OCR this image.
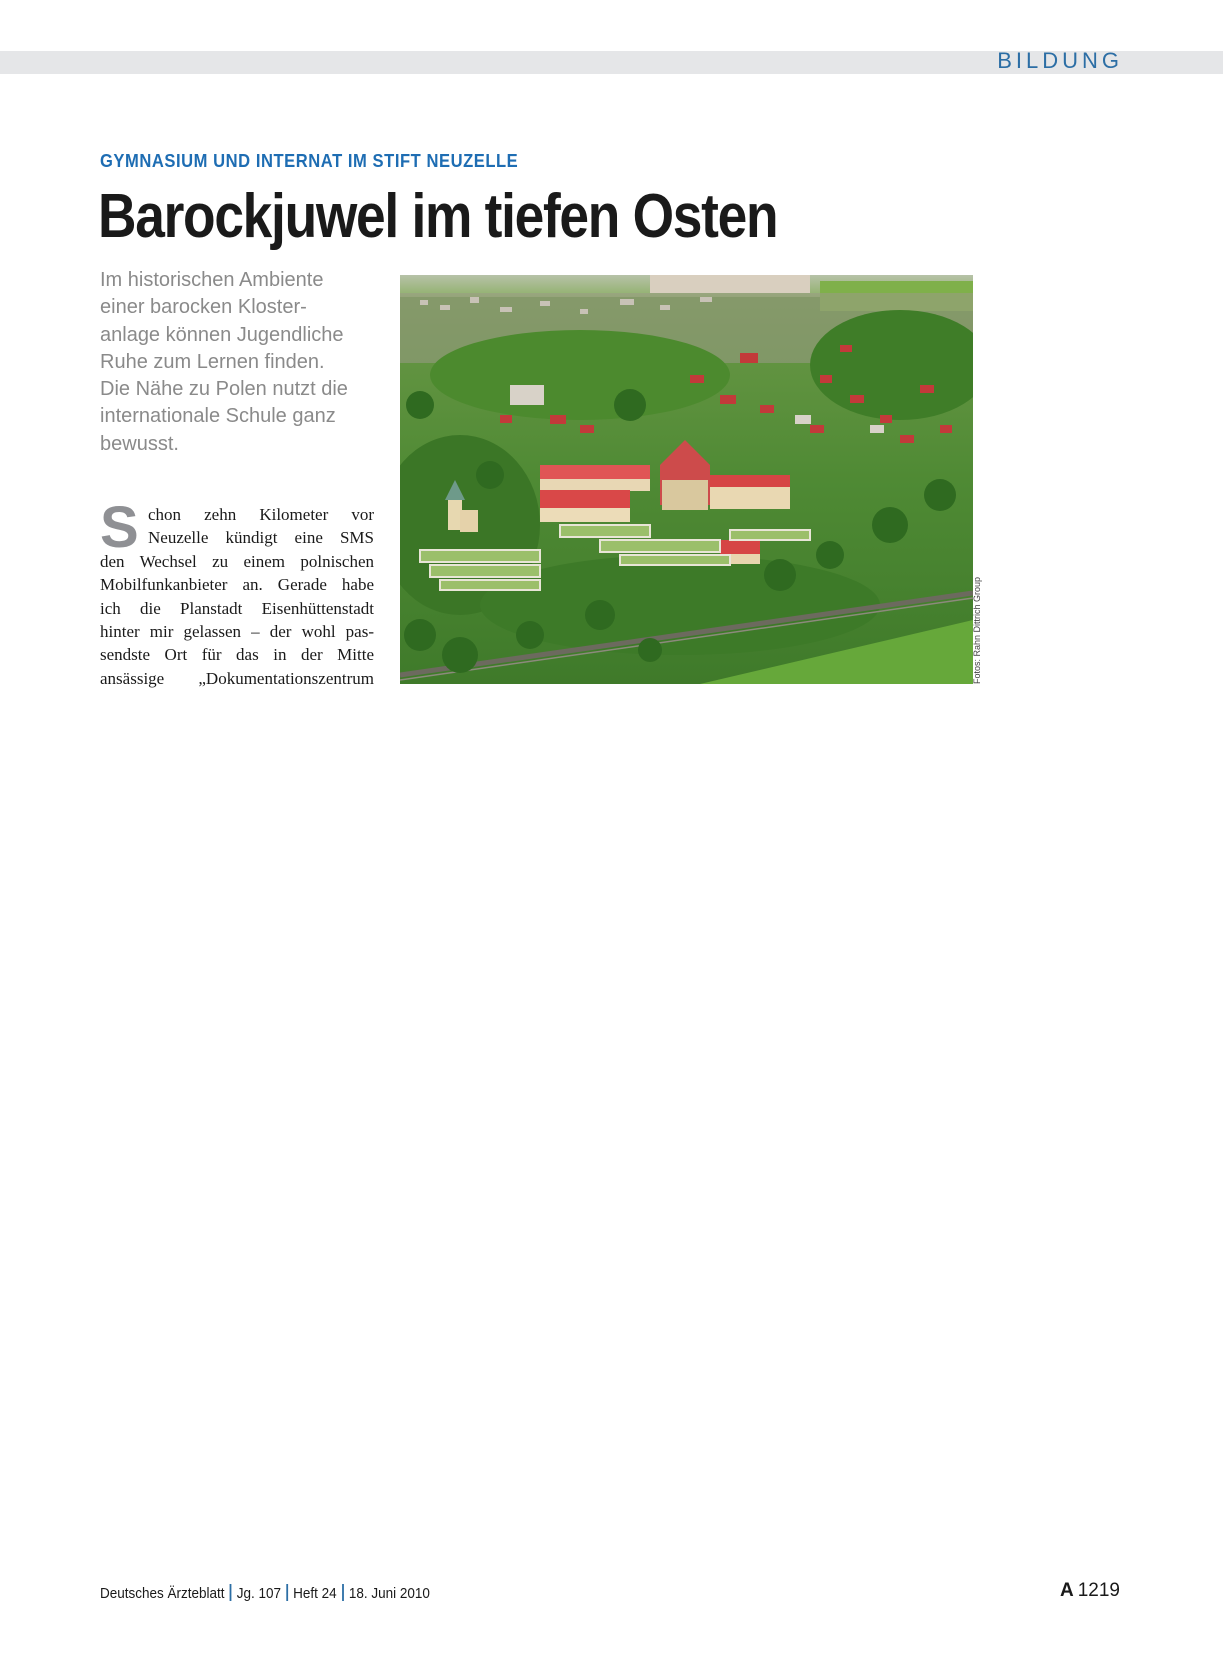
BILDUNG
GYMNASIUM UND INTERNAT IM STIFT NEUZELLE
Barockjuwel im tiefen Osten
Im historischen Ambiente
einer barocken Kloster-
anlage können Jugendliche
Ruhe zum Lernen finden.
Die Nähe zu Polen nutzt die
internationale Schule ganz
bewusst.
S chon zehn Kilometer vor
Neuzelle kündigt eine SMS
den Wechsel zu einem polnischen
Mobilfunkanbieter an. Gerade habe
ich die Planstadt Eisenhüttenstadt
hinter mir gelassen – der wohl pas-
sendste Ort für das in der Mitte
ansässige „Dokumentationszentrum	Fotos: Rahn Dittrich Group
Deutsches Ärzteblatt Jg. 107 Heft 24 18. Juni 2010	A 1219
